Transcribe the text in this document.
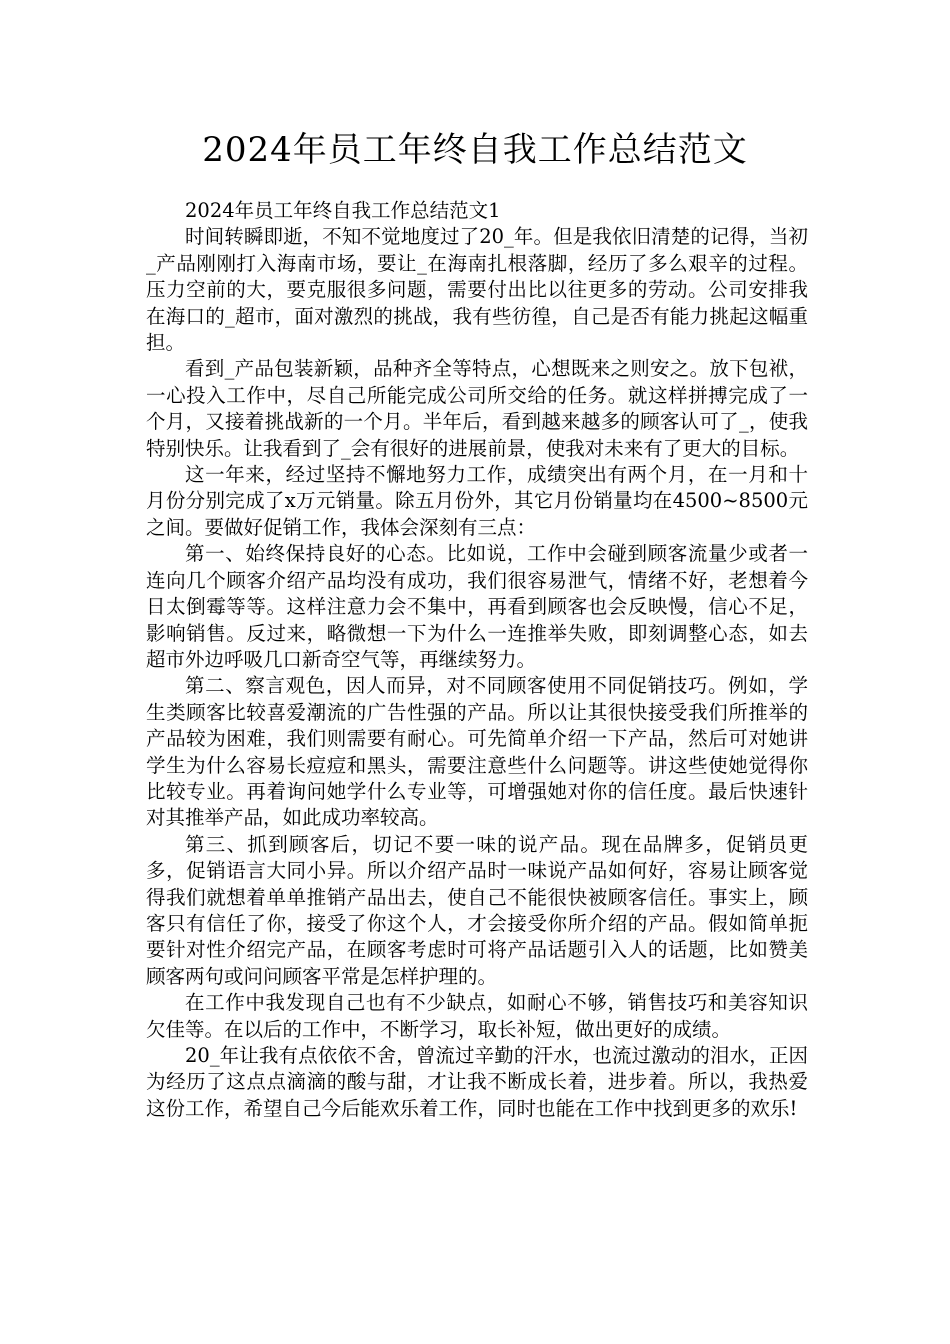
2024年员工年终自我工作总结范文

2024年员工年终自我工作总结范文1

时间转瞬即逝，不知不觉地度过了20_年。但是我依旧清楚的记得，当初_产品刚刚打入海南市场，要让_在海南扎根落脚，经历了多么艰辛的过程。压力空前的大，要克服很多问题，需要付出比以往更多的劳动。公司安排我在海口的_超市，面对激烈的挑战，我有些彷徨，自己是否有能力挑起这幅重担。

看到_产品包装新颖，品种齐全等特点，心想既来之则安之。放下包袱，一心投入工作中，尽自己所能完成公司所交给的任务。就这样拼搏完成了一个月，又接着挑战新的一个月。半年后，看到越来越多的顾客认可了_，使我特别快乐。让我看到了_会有很好的进展前景，使我对未来有了更大的目标。

这一年来，经过坚持不懈地努力工作，成绩突出有两个月，在一月和十月份分别完成了x万元销量。除五月份外，其它月份销量均在4500~8500元之间。要做好促销工作，我体会深刻有三点：

第一、始终保持良好的心态。比如说，工作中会碰到顾客流量少或者一连向几个顾客介绍产品均没有成功，我们很容易泄气，情绪不好，老想着今日太倒霉等等。这样注意力会不集中，再看到顾客也会反映慢，信心不足，影响销售。反过来，略微想一下为什么一连推举失败，即刻调整心态，如去超市外边呼吸几口新奇空气等，再继续努力。

第二、察言观色，因人而异，对不同顾客使用不同促销技巧。例如，学生类顾客比较喜爱潮流的广告性强的产品。所以让其很快接受我们所推举的产品较为困难，我们则需要有耐心。可先简单介绍一下产品，然后可对她讲学生为什么容易长痘痘和黑头，需要注意些什么问题等。讲这些使她觉得你比较专业。再着询问她学什么专业等，可增强她对你的信任度。最后快速针对其推举产品，如此成功率较高。

第三、抓到顾客后，切记不要一味的说产品。现在品牌多，促销员更多，促销语言大同小异。所以介绍产品时一味说产品如何好，容易让顾客觉得我们就想着单单推销产品出去，使自己不能很快被顾客信任。事实上，顾客只有信任了你，接受了你这个人，才会接受你所介绍的产品。假如简单扼要针对性介绍完产品，在顾客考虑时可将产品话题引入人的话题，比如赞美顾客两句或问问顾客平常是怎样护理的。

在工作中我发现自己也有不少缺点，如耐心不够，销售技巧和美容知识欠佳等。在以后的工作中，不断学习，取长补短，做出更好的成绩。

20_年让我有点依依不舍，曾流过辛勤的汗水，也流过激动的泪水，正因为经历了这点点滴滴的酸与甜，才让我不断成长着，进步着。所以，我热爱这份工作，希望自己今后能欢乐着工作，同时也能在工作中找到更多的欢乐!
